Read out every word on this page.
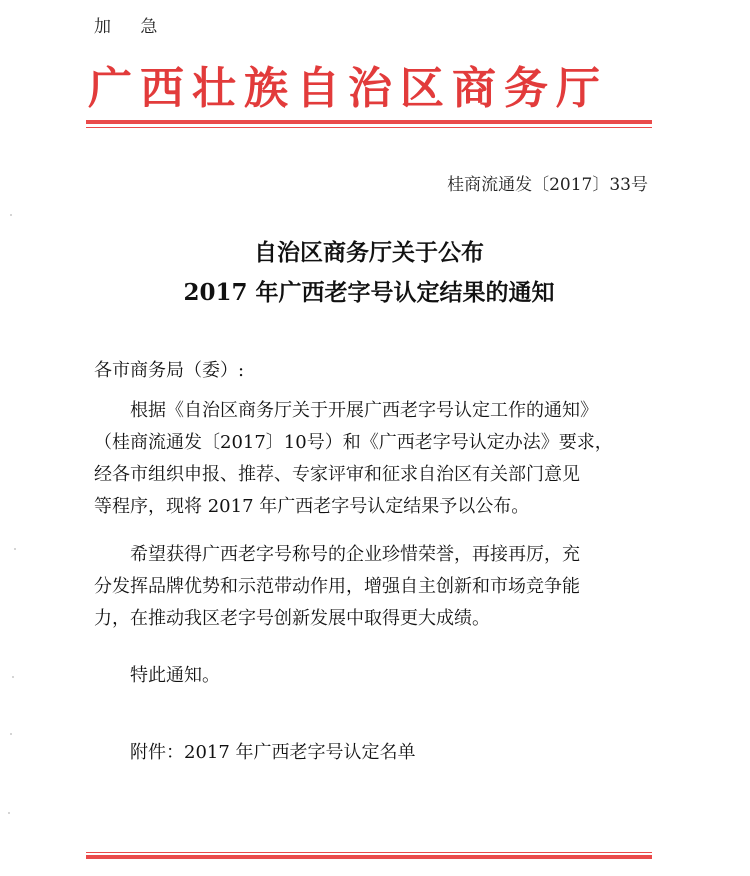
加 急
广西壮族自治区商务厅
桂商流通发〔2017〕33号
自治区商务厅关于公布
2017 年广西老字号认定结果的通知
各市商务局（委）:
根据《自治区商务厅关于开展广西老字号认定工作的通知》
（桂商流通发〔2017〕10号）和《广西老字号认定办法》要求，
经各市组织申报、推荐、专家评审和征求自治区有关部门意见
等程序，现将 2017 年广西老字号认定结果予以公布。
希望获得广西老字号称号的企业珍惜荣誉，再接再厉，充
分发挥品牌优势和示范带动作用，增强自主创新和市场竞争能
力，在推动我区老字号创新发展中取得更大成绩。
特此通知。
附件：2017 年广西老字号认定名单
